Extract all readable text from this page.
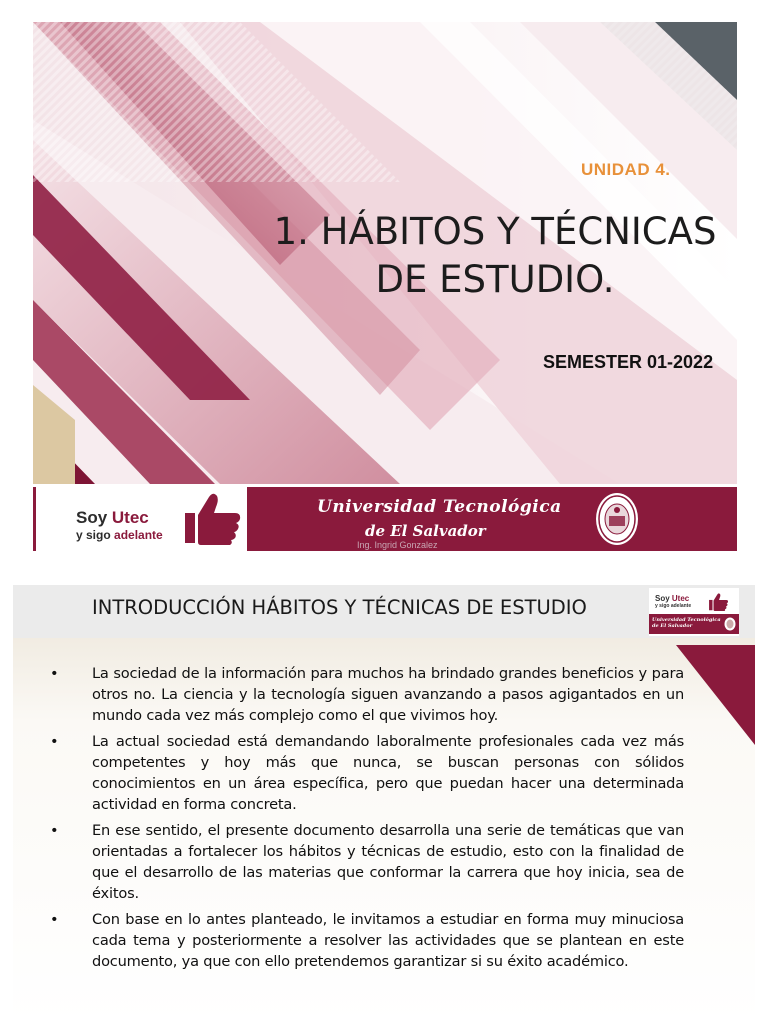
UNIDAD 4.
1. HÁBITOS Y TÉCNICAS
DE ESTUDIO.
SEMESTER 01-2022
Soy Utec
y sigo adelante
Universidad Tecnológica
de El Salvador
Ing. Ingrid Gonzalez
INTRODUCCIÓN HÁBITOS Y TÉCNICAS DE ESTUDIO	Soy Utec
y sigo adelante
Universidad Tecnológica
de El Salvador
• La sociedad de la información para muchos ha brindado grandes beneficios y para otros no. La ciencia y la tecnología siguen avanzando a pasos agigantados en un mundo cada vez más complejo como el que vivimos hoy.
• La actual sociedad está demandando laboralmente profesionales cada vez más competentes y hoy más que nunca, se buscan personas con sólidos conocimientos en un área específica, pero que puedan hacer una determinada actividad en forma concreta.
• En ese sentido, el presente documento desarrolla una serie de temáticas que van orientadas a fortalecer los hábitos y técnicas de estudio, esto con la finalidad de que el desarrollo de las materias que conformar la carrera que hoy inicia, sea de éxitos.
• Con base en lo antes planteado, le invitamos a estudiar en forma muy minuciosa cada tema y posteriormente a resolver las actividades que se plantean en este documento, ya que con ello pretendemos garantizar si su éxito académico.
